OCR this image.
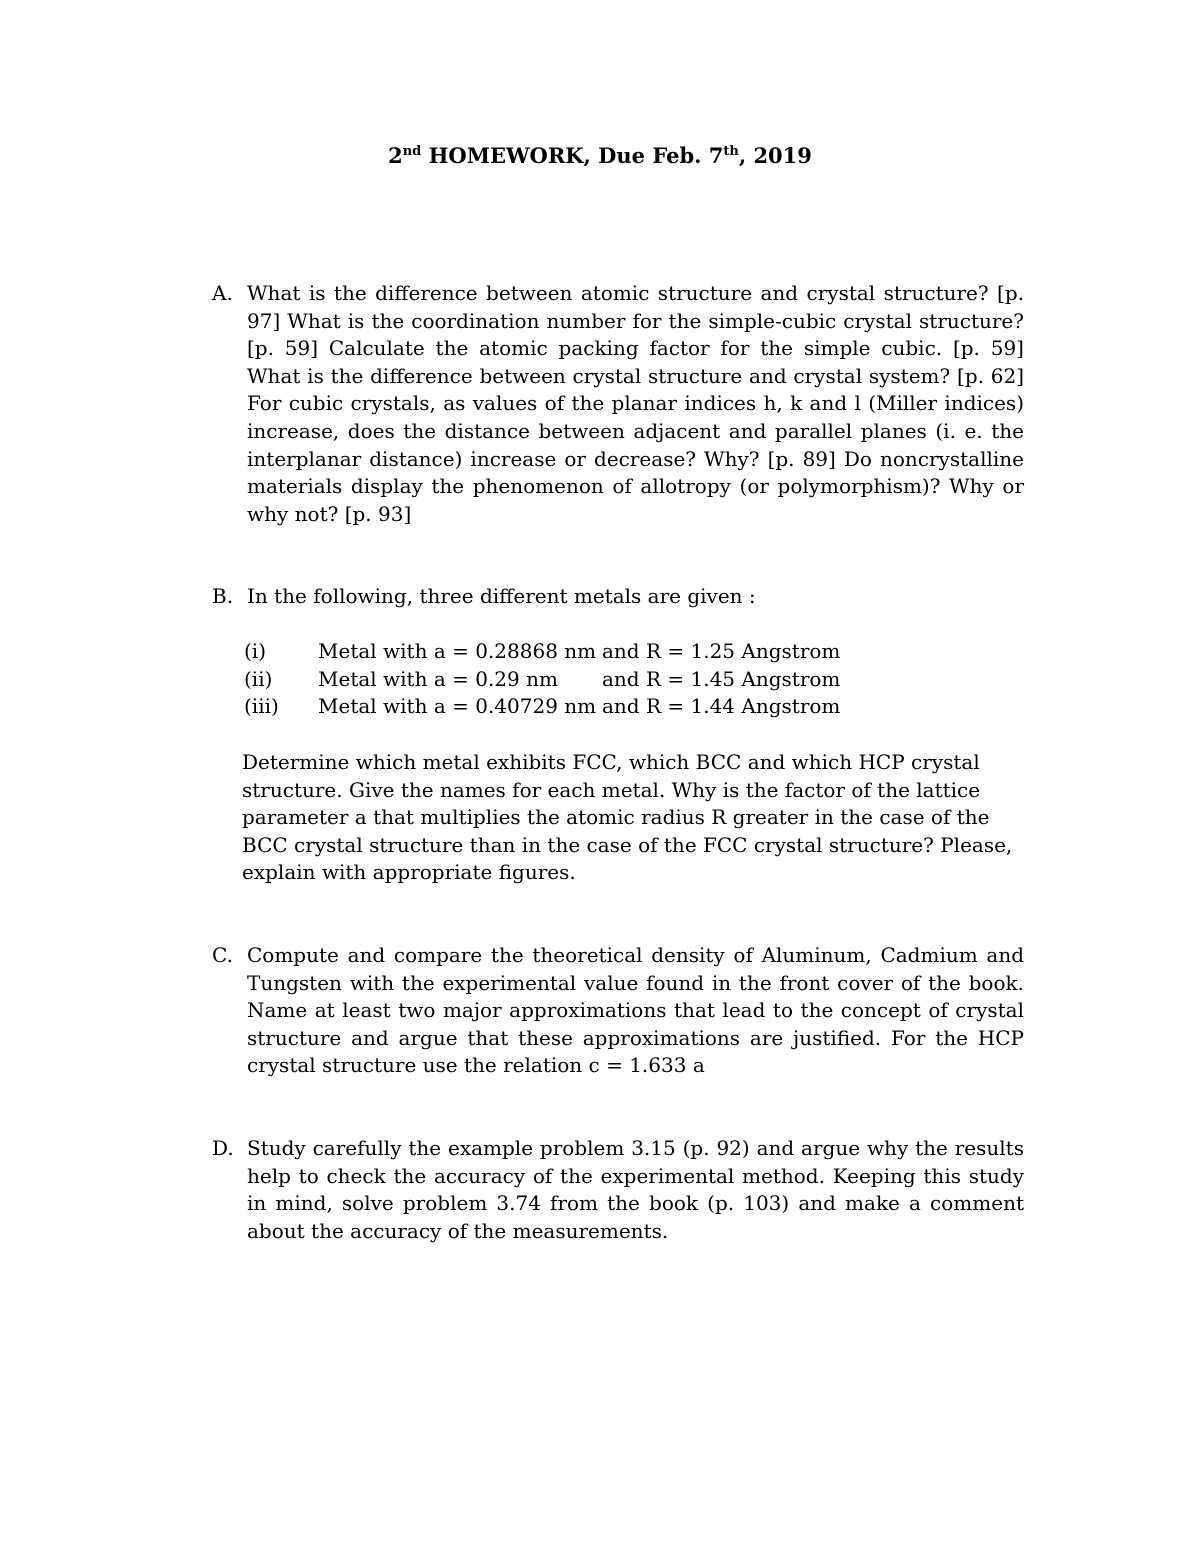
2nd HOMEWORK, Due Feb. 7th, 2019
A. What is the difference between atomic structure and crystal structure? [p. 97] What is the coordination number for the simple-cubic crystal structure? [p. 59] Calculate the atomic packing factor for the simple cubic. [p. 59] What is the difference between crystal structure and crystal system? [p. 62] For cubic crystals, as values of the planar indices h, k and l (Miller indices) increase, does the distance between adjacent and parallel planes (i. e. the interplanar distance) increase or decrease? Why? [p. 89] Do noncrystalline materials display the phenomenon of allotropy (or polymorphism)? Why or why not? [p. 93]
B. In the following, three different metals are given :
(i)	Metal with a = 0.28868 nm and R = 1.25 Angstrom
(ii) Metal with a = 0.29 nm and R = 1.45 Angstrom
(iii) Metal with a = 0.40729 nm and R = 1.44 Angstrom
Determine which metal exhibits FCC, which BCC and which HCP crystal structure. Give the names for each metal. Why is the factor of the lattice parameter a that multiplies the atomic radius R greater in the case of the BCC crystal structure than in the case of the FCC crystal structure? Please, explain with appropriate figures.
C. Compute and compare the theoretical density of Aluminum, Cadmium and Tungsten with the experimental value found in the front cover of the book. Name at least two major approximations that lead to the concept of crystal structure and argue that these approximations are justified. For the HCP crystal structure use the relation c = 1.633 a
D. Study carefully the example problem 3.15 (p. 92) and argue why the results help to check the accuracy of the experimental method. Keeping this study in mind, solve problem 3.74 from the book (p. 103) and make a comment about the accuracy of the measurements.
